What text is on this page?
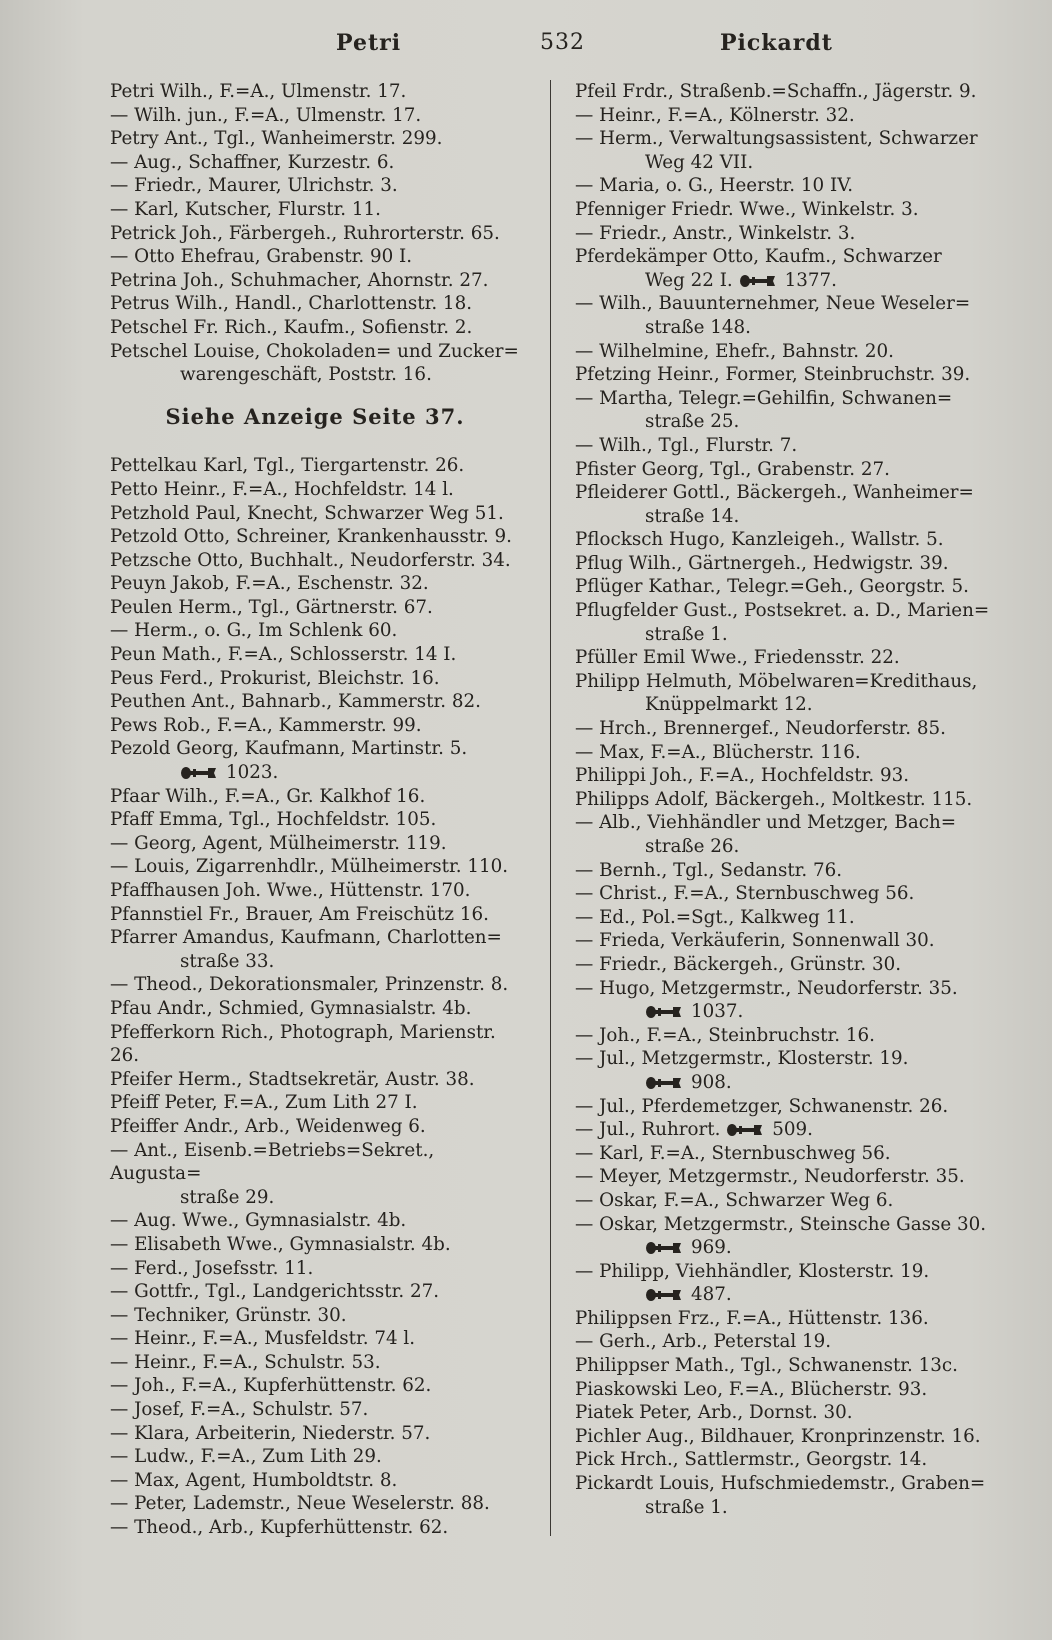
Petri	532	Pickardt
Petri Wilh., F.=A., Ulmenstr. 17.
— Wilh. jun., F.=A., Ulmenstr. 17.
Petry Ant., Tgl., Wanheimerstr. 299.
— Aug., Schaffner, Kurzestr. 6.
— Friedr., Maurer, Ulrichstr. 3.
— Karl, Kutscher, Flurstr. 11.
Petrick Joh., Färbergeh., Ruhrorterstr. 65.
— Otto Ehefrau, Grabenstr. 90 I.
Petrina Joh., Schuhmacher, Ahornstr. 27.
Petrus Wilh., Handl., Charlottenstr. 18.
Petschel Fr. Rich., Kaufm., Sofienstr. 2.
Petschel Louise, Chokoladen= und Zucker=
warengeschäft, Poststr. 16.
Siehe Anzeige Seite 37.
Pettelkau Karl, Tgl., Tiergartenstr. 26.
Petto Heinr., F.=A., Hochfeldstr. 14 l.
Petzhold Paul, Knecht, Schwarzer Weg 51.
Petzold Otto, Schreiner, Krankenhausstr. 9.
Petzsche Otto, Buchhalt., Neudorferstr. 34.
Peuyn Jakob, F.=A., Eschenstr. 32.
Peulen Herm., Tgl., Gärtnerstr. 67.
— Herm., o. G., Im Schlenk 60.
Peun Math., F.=A., Schlosserstr. 14 I.
Peus Ferd., Prokurist, Bleichstr. 16.
Peuthen Ant., Bahnarb., Kammerstr. 82.
Pews Rob., F.=A., Kammerstr. 99.
Pezold Georg, Kaufmann, Martinstr. 5.
1023.
Pfaar Wilh., F.=A., Gr. Kalkhof 16.
Pfaff Emma, Tgl., Hochfeldstr. 105.
— Georg, Agent, Mülheimerstr. 119.
— Louis, Zigarrenhdlr., Mülheimerstr. 110.
Pfaffhausen Joh. Wwe., Hüttenstr. 170.
Pfannstiel Fr., Brauer, Am Freischütz 16.
Pfarrer Amandus, Kaufmann, Charlotten=
straße 33.
— Theod., Dekorationsmaler, Prinzenstr. 8.
Pfau Andr., Schmied, Gymnasialstr. 4b.
Pfefferkorn Rich., Photograph, Marienstr. 26.
Pfeifer Herm., Stadtsekretär, Austr. 38.
Pfeiff Peter, F.=A., Zum Lith 27 I.
Pfeiffer Andr., Arb., Weidenweg 6.
— Ant., Eisenb.=Betriebs=Sekret., Augusta=
straße 29.
— Aug. Wwe., Gymnasialstr. 4b.
— Elisabeth Wwe., Gymnasialstr. 4b.
— Ferd., Josefsstr. 11.
— Gottfr., Tgl., Landgerichtsstr. 27.
— Techniker, Grünstr. 30.
— Heinr., F.=A., Musfeldstr. 74 l.
— Heinr., F.=A., Schulstr. 53.
— Joh., F.=A., Kupferhüttenstr. 62.
— Josef, F.=A., Schulstr. 57.
— Klara, Arbeiterin, Niederstr. 57.
— Ludw., F.=A., Zum Lith 29.
— Max, Agent, Humboldtstr. 8.
— Peter, Lademstr., Neue Weselerstr. 88.
— Theod., Arb., Kupferhüttenstr. 62.
Pfeil Frdr., Straßenb.=Schaffn., Jägerstr. 9.
— Heinr., F.=A., Kölnerstr. 32.
— Herm., Verwaltungsassistent, Schwarzer
Weg 42 VII.
— Maria, o. G., Heerstr. 10 IV.
Pfenniger Friedr. Wwe., Winkelstr. 3.
— Friedr., Anstr., Winkelstr. 3.
Pferdekämper Otto, Kaufm., Schwarzer
Weg 22 I.	1377.
— Wilh., Bauunternehmer, Neue Weseler=
straße 148.
— Wilhelmine, Ehefr., Bahnstr. 20.
Pfetzing Heinr., Former, Steinbruchstr. 39.
— Martha, Telegr.=Gehilfin, Schwanen=
straße 25.
— Wilh., Tgl., Flurstr. 7.
Pfister Georg, Tgl., Grabenstr. 27.
Pfleiderer Gottl., Bäckergeh., Wanheimer=
straße 14.
Pflocksch Hugo, Kanzleigeh., Wallstr. 5.
Pflug Wilh., Gärtnergeh., Hedwigstr. 39.
Pflüger Kathar., Telegr.=Geh., Georgstr. 5.
Pflugfelder Gust., Postsekret. a. D., Marien=
straße 1.
Pfüller Emil Wwe., Friedensstr. 22.
Philipp Helmuth, Möbelwaren=Kredithaus,
Knüppelmarkt 12.
— Hrch., Brennergef., Neudorferstr. 85.
— Max, F.=A., Blücherstr. 116.
Philippi Joh., F.=A., Hochfeldstr. 93.
Philipps Adolf, Bäckergeh., Moltkestr. 115.
— Alb., Viehhändler und Metzger, Bach=
straße 26.
— Bernh., Tgl., Sedanstr. 76.
— Christ., F.=A., Sternbuschweg 56.
— Ed., Pol.=Sgt., Kalkweg 11.
— Frieda, Verkäuferin, Sonnenwall 30.
— Friedr., Bäckergeh., Grünstr. 30.
— Hugo, Metzgermstr., Neudorferstr. 35.
1037.
— Joh., F.=A., Steinbruchstr. 16.
— Jul., Metzgermstr., Klosterstr. 19.
908.
— Jul., Pferdemetzger, Schwanenstr. 26.
— Jul., Ruhrort.	509.
— Karl, F.=A., Sternbuschweg 56.
— Meyer, Metzgermstr., Neudorferstr. 35.
— Oskar, F.=A., Schwarzer Weg 6.
— Oskar, Metzgermstr., Steinsche Gasse 30.
969.
— Philipp, Viehhändler, Klosterstr. 19.
487.
Philippsen Frz., F.=A., Hüttenstr. 136.
— Gerh., Arb., Peterstal 19.
Philippser Math., Tgl., Schwanenstr. 13c.
Piaskowski Leo, F.=A., Blücherstr. 93.
Piatek Peter, Arb., Dornst. 30.
Pichler Aug., Bildhauer, Kronprinzenstr. 16.
Pick Hrch., Sattlermstr., Georgstr. 14.
Pickardt Louis, Hufschmiedemstr., Graben=
straße 1.
